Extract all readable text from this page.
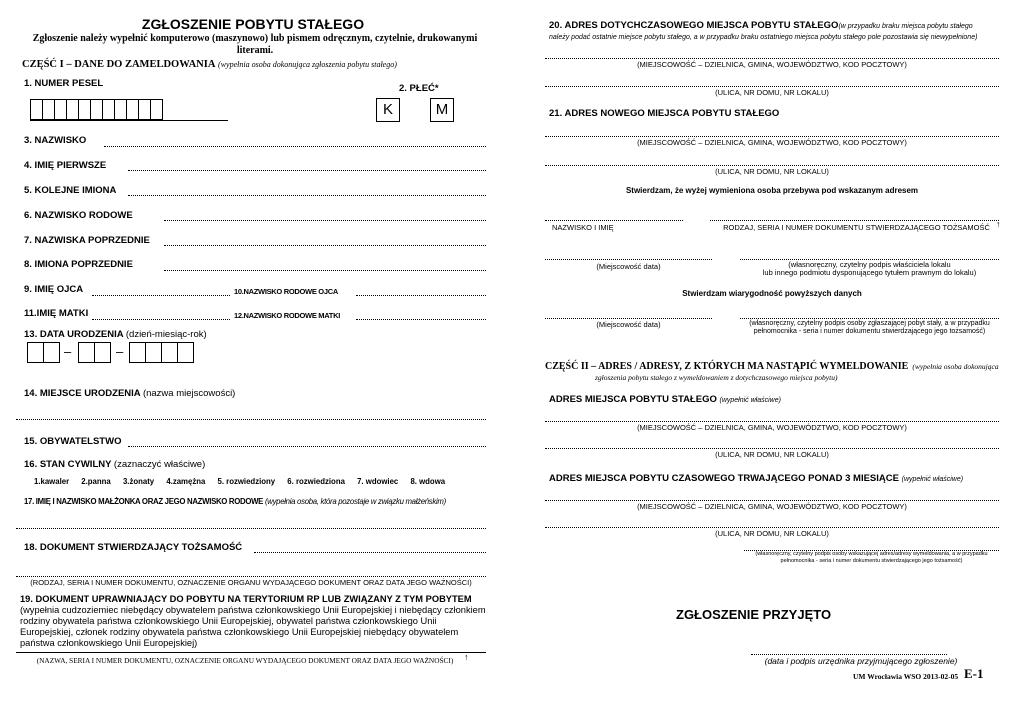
ZGŁOSZENIE POBYTU STAŁEGO
Zgłoszenie należy wypełnić komputerowo (maszynowo) lub pismem odręcznym, czytelnie, drukowanymi literami.
CZĘŚĆ I – DANE DO ZAMELDOWANIA (wypełnia osoba dokonująca zgłoszenia pobytu stałego)
1. NUMER PESEL	2. PŁEĆ*
K	M
3. NAZWISKO
4. IMIĘ PIERWSZE
5. KOLEJNE IMIONA
6. NAZWISKO RODOWE
7. NAZWISKA POPRZEDNIE
8. IMIONA POPRZEDNIE
9. IMIĘ OJCA	10.NAZWISKO RODOWE OJCA
11.IMIĘ MATKI	12.NAZWISKO RODOWE MATKI
13. DATA URODZENIA (dzień-miesiąc-rok)
–	–
14. MIEJSCE URODZENIA (nazwa miejscowości)
15. OBYWATELSTWO
16. STAN CYWILNY (zaznaczyć właściwe)
1.kawaler 2.panna 3.żonaty 4.zamężna 5. rozwiedziony 6. rozwiedziona 7. wdowiec 8. wdowa
17. IMIĘ I NAZWISKO MAŁŻONKA ORAZ JEGO NAZWISKO RODOWE (wypełnia osoba, która pozostaje w związku małżeńskim)
18. DOKUMENT STWIERDZAJĄCY TOŻSAMOŚĆ
(RODZAJ, SERIA I NUMER DOKUMENTU, OZNACZENIE ORGANU WYDAJĄCEGO DOKUMENT ORAZ DATA JEGO WAŻNOŚCI)
19. DOKUMENT UPRAWNIAJĄCY DO POBYTU NA TERYTORIUM RP LUB ZWIĄZANY Z TYM POBYTEM (wypełnia cudzoziemiec niebędący obywatelem państwa członkowskiego Unii Europejskiej i niebędący członkiem rodziny obywatela państwa członkowskiego Unii Europejskiej, obywatel państwa członkowskiego Unii Europejskiej, członek rodziny obywatela państwa członkowskiego Unii Europejskiej niebędący obywatelem państwa członkowskiego Unii Europejskiej)
(NAZWA, SERIA I NUMER DOKUMENTU, OZNACZENIE ORGANU WYDAJĄCEGO DOKUMENT ORAZ DATA JEGO WAŻNOŚCI)	↑
20. ADRES DOTYCHCZASOWEGO MIEJSCA POBYTU STAŁEGO(w przypadku braku miejsca pobytu stałego
należy podać ostatnie miejsce pobytu stałego, a w przypadku braku ostatniego miejsca pobytu stałego pole pozostawia się niewypełnione)
(MIEJSCOWOŚĆ – DZIELNICA, GMINA, WOJEWÓDZTWO, KOD POCZTOWY)
(ULICA, NR DOMU, NR LOKALU)
21. ADRES NOWEGO MIEJSCA POBYTU STAŁEGO
(MIEJSCOWOŚĆ – DZIELNICA, GMINA, WOJEWÓDZTWO, KOD POCZTOWY)
(ULICA, NR DOMU, NR LOKALU)
Stwierdzam, że wyżej wymieniona osoba przebywa pod wskazanym adresem
NAZWISKO I IMIĘ	RODZAJ, SERIA I NUMER DOKUMENTU STWIERDZAJĄCEGO TOŻSAMOŚĆ ↑
(Miejscowość data)	(własnoręczny, czytelny podpis właściciela lokalu
lub innego podmiotu dysponującego tytułem prawnym do lokalu)
Stwierdzam wiarygodność powyższych danych
(Miejscowość data)	(własnoręczny, czytelny podpis osoby zgłaszającej pobyt stały, a w przypadku
pełnomocnika - seria i numer dokumentu stwierdzającego jego tożsamość)
CZĘŚĆ II – ADRES / ADRESY, Z KTÓRYCH MA NASTĄPIĆ WYMELDOWANIE (wypełnia osoba dokonująca
zgłoszenia pobytu stałego z wymeldowaniem z dotychczasowego miejsca pobytu)
ADRES MIEJSCA POBYTU STAŁEGO (wypełnić właściwe)
(MIEJSCOWOŚĆ – DZIELNICA, GMINA, WOJEWÓDZTWO, KOD POCZTOWY)
(ULICA, NR DOMU, NR LOKALU)
ADRES MIEJSCA POBYTU CZASOWEGO TRWAJĄCEGO PONAD 3 MIESIĄCE (wypełnić właściwe)
(MIEJSCOWOŚĆ – DZIELNICA, GMINA, WOJEWÓDZTWO, KOD POCZTOWY)
(ULICA, NR DOMU, NR LOKALU)
(własnoręczny, czytelny podpis osoby wskazującej adres/adresy wymeldowania, a w przypadku
pełnomocnika - seria i numer dokumentu stwierdzającego jego tożsamość)
ZGŁOSZENIE PRZYJĘTO
(data i podpis urzędnika przyjmującego zgłoszenie)
UM Wrocławia WSO 2013-02-05 E-1
